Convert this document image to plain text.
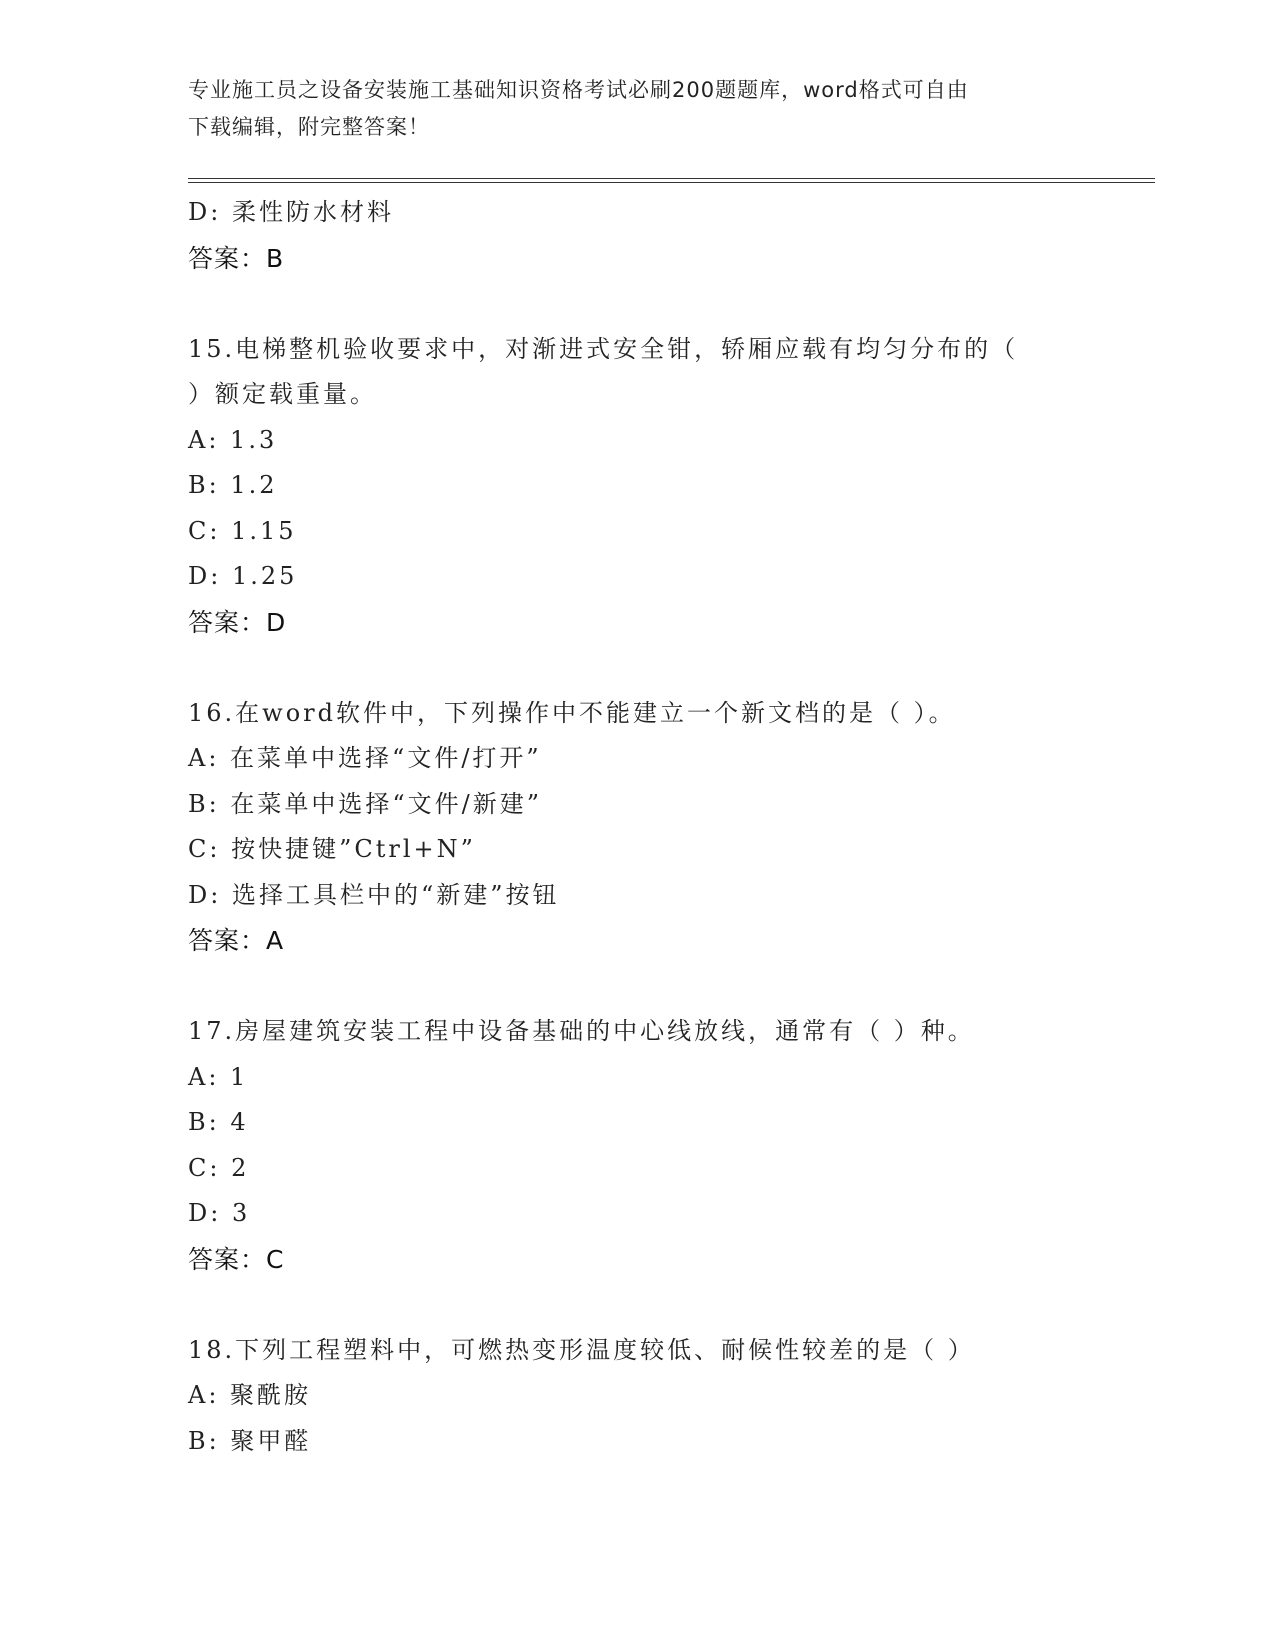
专业施工员之设备安装施工基础知识资格考试必刷200题题库，word格式可自由
下载编辑，附完整答案！
D: 柔性防水材料
答案：B
15.电梯整机验收要求中，对渐进式安全钳，轿厢应载有均匀分布的（
）额定载重量。
A: 1.3
B: 1.2
C: 1.15
D: 1.25
答案：D
16.在word软件中，下列操作中不能建立一个新文档的是（ ）。
A: 在菜单中选择“文件/打开”
B: 在菜单中选择“文件/新建”
C: 按快捷键”Ctrl+N”
D: 选择工具栏中的“新建”按钮
答案：A
17.房屋建筑安装工程中设备基础的中心线放线，通常有（ ）种。
A: 1
B: 4
C: 2
D: 3
答案：C
18.下列工程塑料中，可燃热变形温度较低、耐候性较差的是（ ）
A: 聚酰胺
B: 聚甲醛
